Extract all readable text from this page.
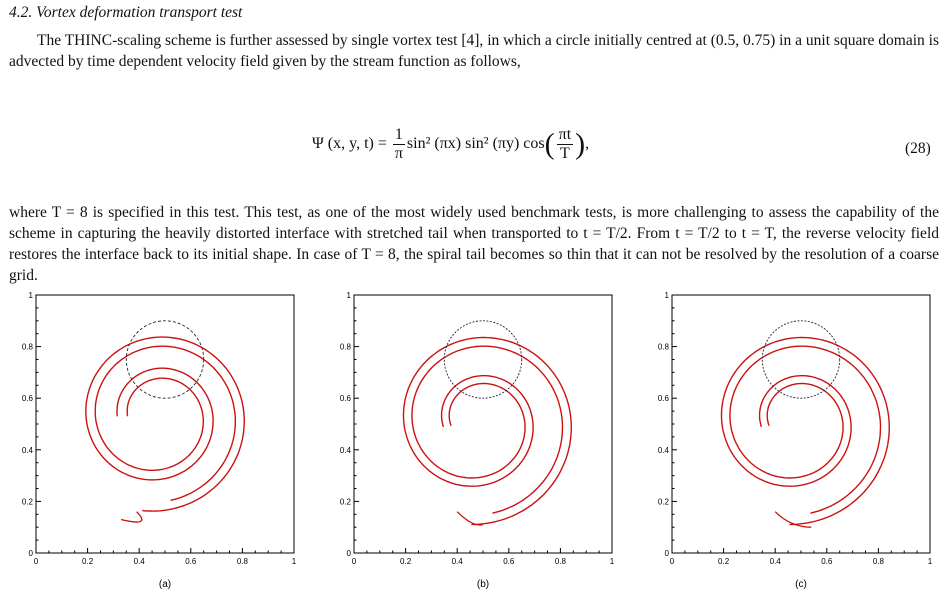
4.2. Vortex deformation transport test

The THINC-scaling scheme is further assessed by single vortex test [4], in which a circle initially centred at (0.5, 0.75) in a unit square domain is advected by time dependent velocity field given by the stream function as follows,

Ψ (x, y, $t) = \frac{1}{\pi} \sin^2$ (πx) sin² (πy) $\cos( \frac{\pi t}{T}$ ),	(28)

where T = 8 is specified in this test. This test, as one of the most widely used benchmark tests, is more challenging to assess the capability of the scheme in capturing the heavily distorted interface with stretched tail when transported to t = T/2. From t = T/2 to t = T, the reverse velocity field restores the interface back to its initial shape. In case of T = 8, the spiral tail becomes so thin that it can not be resolved by the resolution of a coarse grid.

0	0.2	0.4	0.6	0.8	1
0
0.2
0.4
0.6
0.8
1
(a)
0	0.2	0.4	0.6	0.8	1
0
0.2
0.4
0.6
0.8
1
(b)
0	0.2	0.4	0.6	0.8	1
0
0.2
0.4
0.6
0.8
1
(c)
